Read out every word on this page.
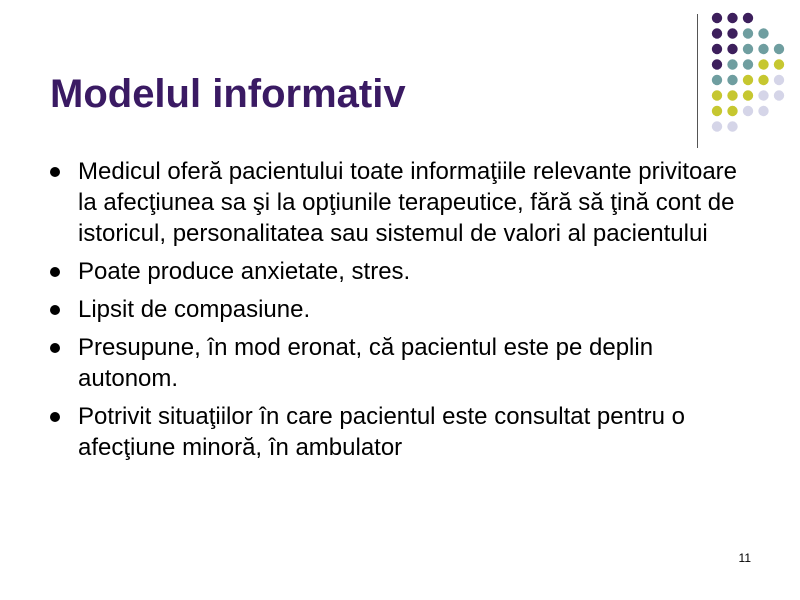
Modelul informativ
Medicul oferă pacientului toate informaţiile relevante privitoare la afecţiunea sa şi la opţiunile terapeutice, fără să ţină cont de istoricul, personalitatea sau sistemul de valori al pacientului
Poate produce anxietate, stres.
Lipsit de compasiune.
Presupune, în mod eronat, că pacientul este pe deplin autonom.
Potrivit situaţiilor în care pacientul este consultat pentru o afecţiune minoră, în ambulator
11
